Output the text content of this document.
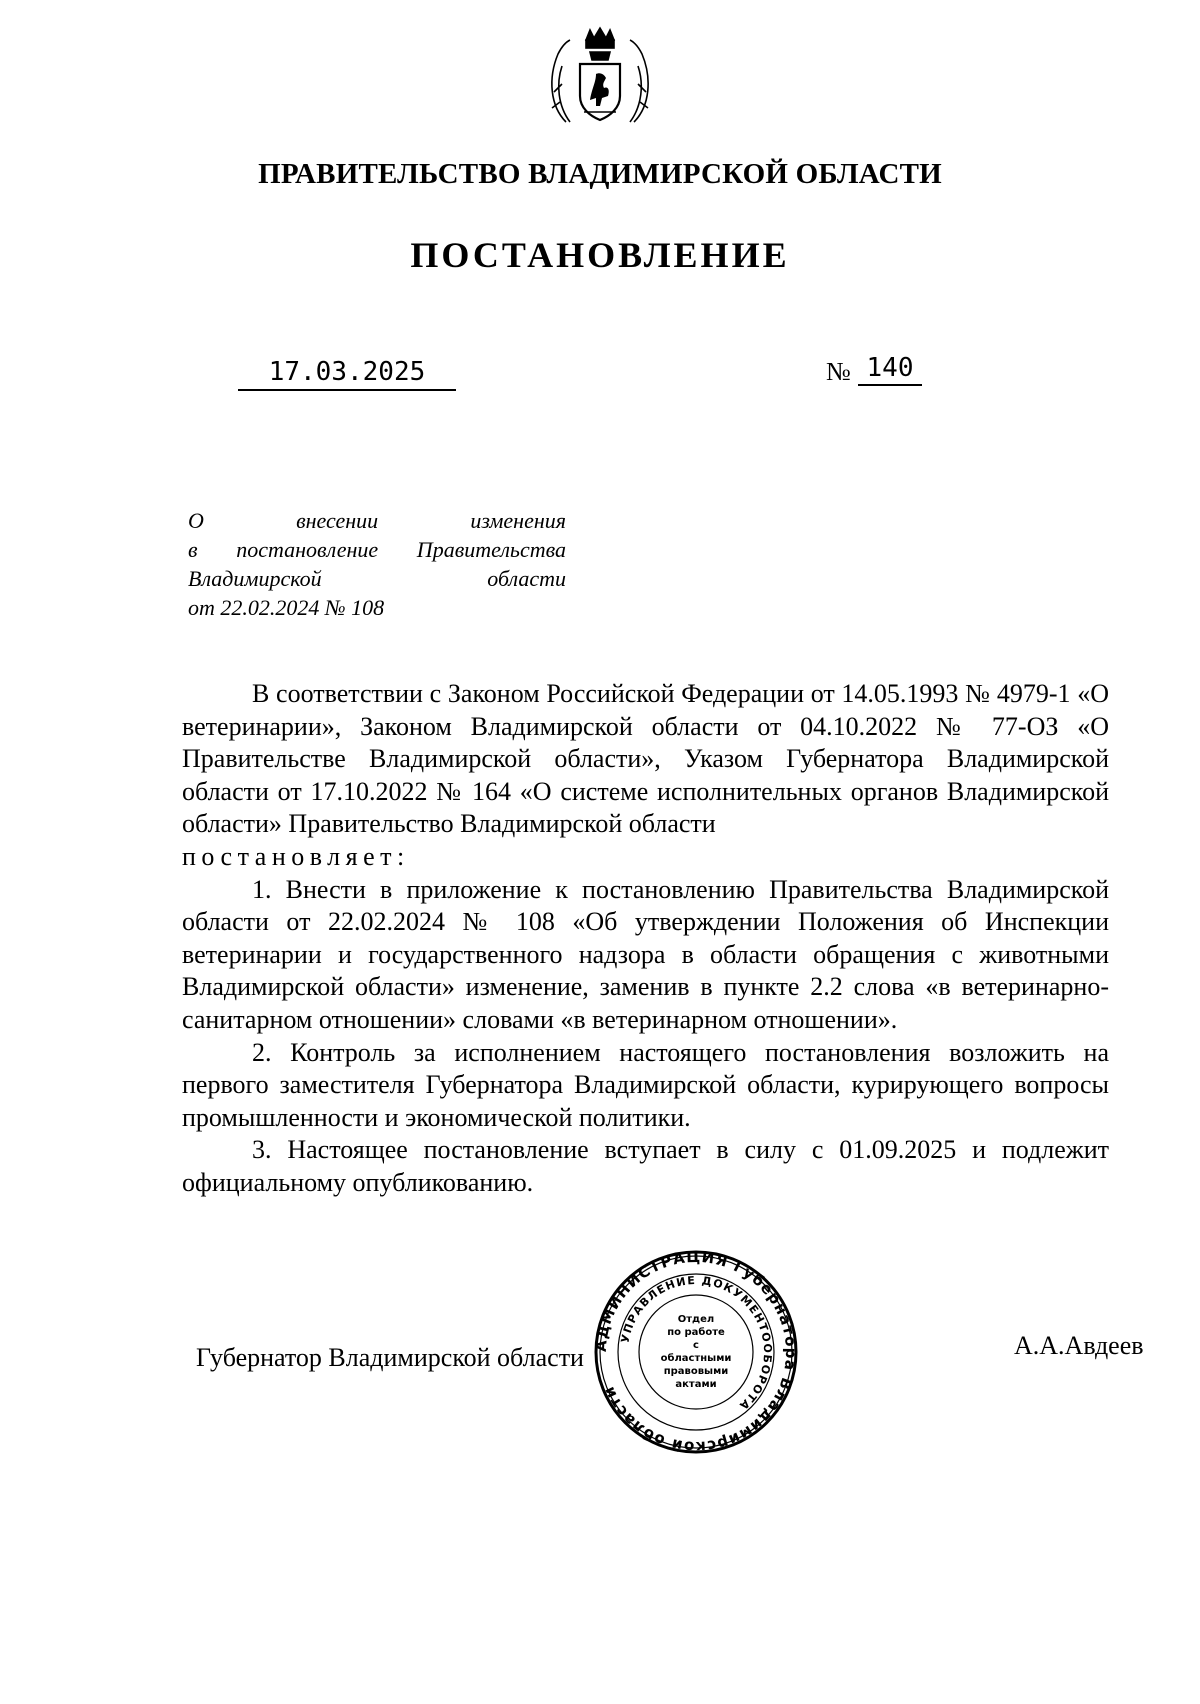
ПРАВИТЕЛЬСТВО ВЛАДИМИРСКОЙ ОБЛАСТИ
ПОСТАНОВЛЕНИЕ
17.03.2025	№ 140
О внесении изменения
в постановление Правительства
Владимирской области
от 22.02.2024 № 108

В соответствии с Законом Российской Федерации от 14.05.1993 № 4979-1 «О ветеринарии», Законом Владимирской области от 04.10.2022 № 77-ОЗ «О Правительстве Владимирской области», Указом Губернатора Владимирской области от 17.10.2022 № 164 «О системе исполнительных органов Владимирской области» Правительство Владимирской области

постановляет:

1. Внести в приложение к постановлению Правительства Владимирской области от 22.02.2024 № 108 «Об утверждении Положения об Инспекции ветеринарии и государственного надзора в области обращения с животными Владимирской области» изменение, заменив в пункте 2.2 слова «в ветеринарно-санитарном отношении» словами «в ветеринарном отношении».

2. Контроль за исполнением настоящего постановления возложить на первого заместителя Губернатора Владимирской области, курирующего вопросы промышленности и экономической политики.

3. Настоящее постановление вступает в силу с 01.09.2025 и подлежит официальному опубликованию.

Губернатор Владимирской области	А.А.Авдеев
АДМИНИСТРАЦИЯ Губернатора Владимирской области
УПРАВЛЕНИЕ ДОКУМЕНТООБОРОТА
Отдел
по работе
с областными
правовыми
актами
